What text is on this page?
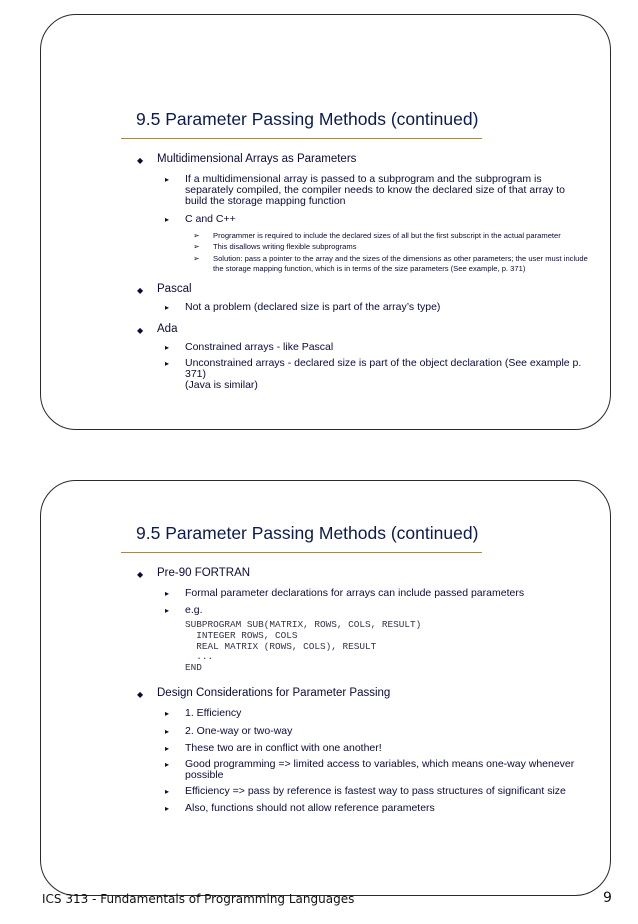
9.5 Parameter Passing Methods (continued)
◆ Multidimensional Arrays as Parameters
▸ If a multidimensional array is passed to a subprogram and the subprogram is separately compiled, the compiler needs to know the declared size of that array to build the storage mapping function
▸ C and C++
➢ Programmer is required to include the declared sizes of all but the first subscript in the actual parameter
➢ This disallows writing flexible subprograms
➢ Solution: pass a pointer to the array and the sizes of the dimensions as other parameters; the user must include the storage mapping function, which is in terms of the size parameters (See example, p. 371)
◆ Pascal
▸ Not a problem (declared size is part of the array’s type)
◆ Ada
▸ Constrained arrays - like Pascal
▸ Unconstrained arrays - declared size is part of the object declaration (See example p. 371)
(Java is similar)
9.5 Parameter Passing Methods (continued)
◆ Pre-90 FORTRAN
▸ Formal parameter declarations for arrays can include passed parameters
▸ e.g.
SUBPROGRAM SUB(MATRIX, ROWS, COLS, RESULT)
INTEGER ROWS, COLS
REAL MATRIX (ROWS, COLS), RESULT
...
END
◆ Design Considerations for Parameter Passing
▸ 1. Efficiency
▸ 2. One-way or two-way
▸ These two are in conflict with one another!
▸ Good programming => limited access to variables, which means one-way whenever possible
▸ Efficiency => pass by reference is fastest way to pass structures of significant size
▸ Also, functions should not allow reference parameters
ICS 313 - Fundamentals of Programming Languages	9
